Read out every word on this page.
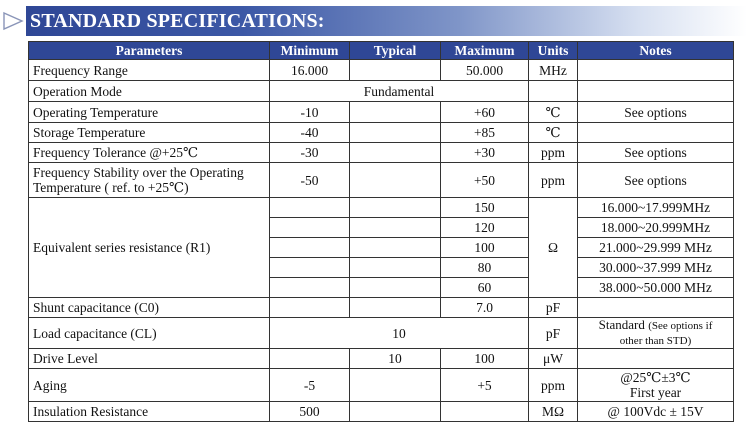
STANDARD SPECIFICATIONS:
Parameters	Minimum	Typical	Maximum	Units	Notes
Frequency Range	16.000		50.000	MHz	
Operation Mode	Fundamental				
Operating Temperature	-10		+60	℃	See options
Storage Temperature	-40		+85	℃	
Frequency Tolerance @+25℃	-30		+30	ppm	See options

Frequency Stability over the Operating
Temperature ( ref. to +25℃)	-50		+50	ppm	See options
Equivalent series resistance (R1)			150	Ω	16.000~17.999MHz
			120		18.000~20.999MHz
			100		21.000~29.999 MHz
			80		30.000~37.999 MHz
			60		38.000~50.000 MHz
Shunt capacitance (C0)			7.0	pF	
Load capacitance (CL)	10			pF	Standard (See options if
other than STD)
Drive Level		10	100	μW	
Aging	-5		+5	ppm	@25℃±3℃
First year

Insulation Resistance	500			MΩ	@ 100Vdc ± 15V
